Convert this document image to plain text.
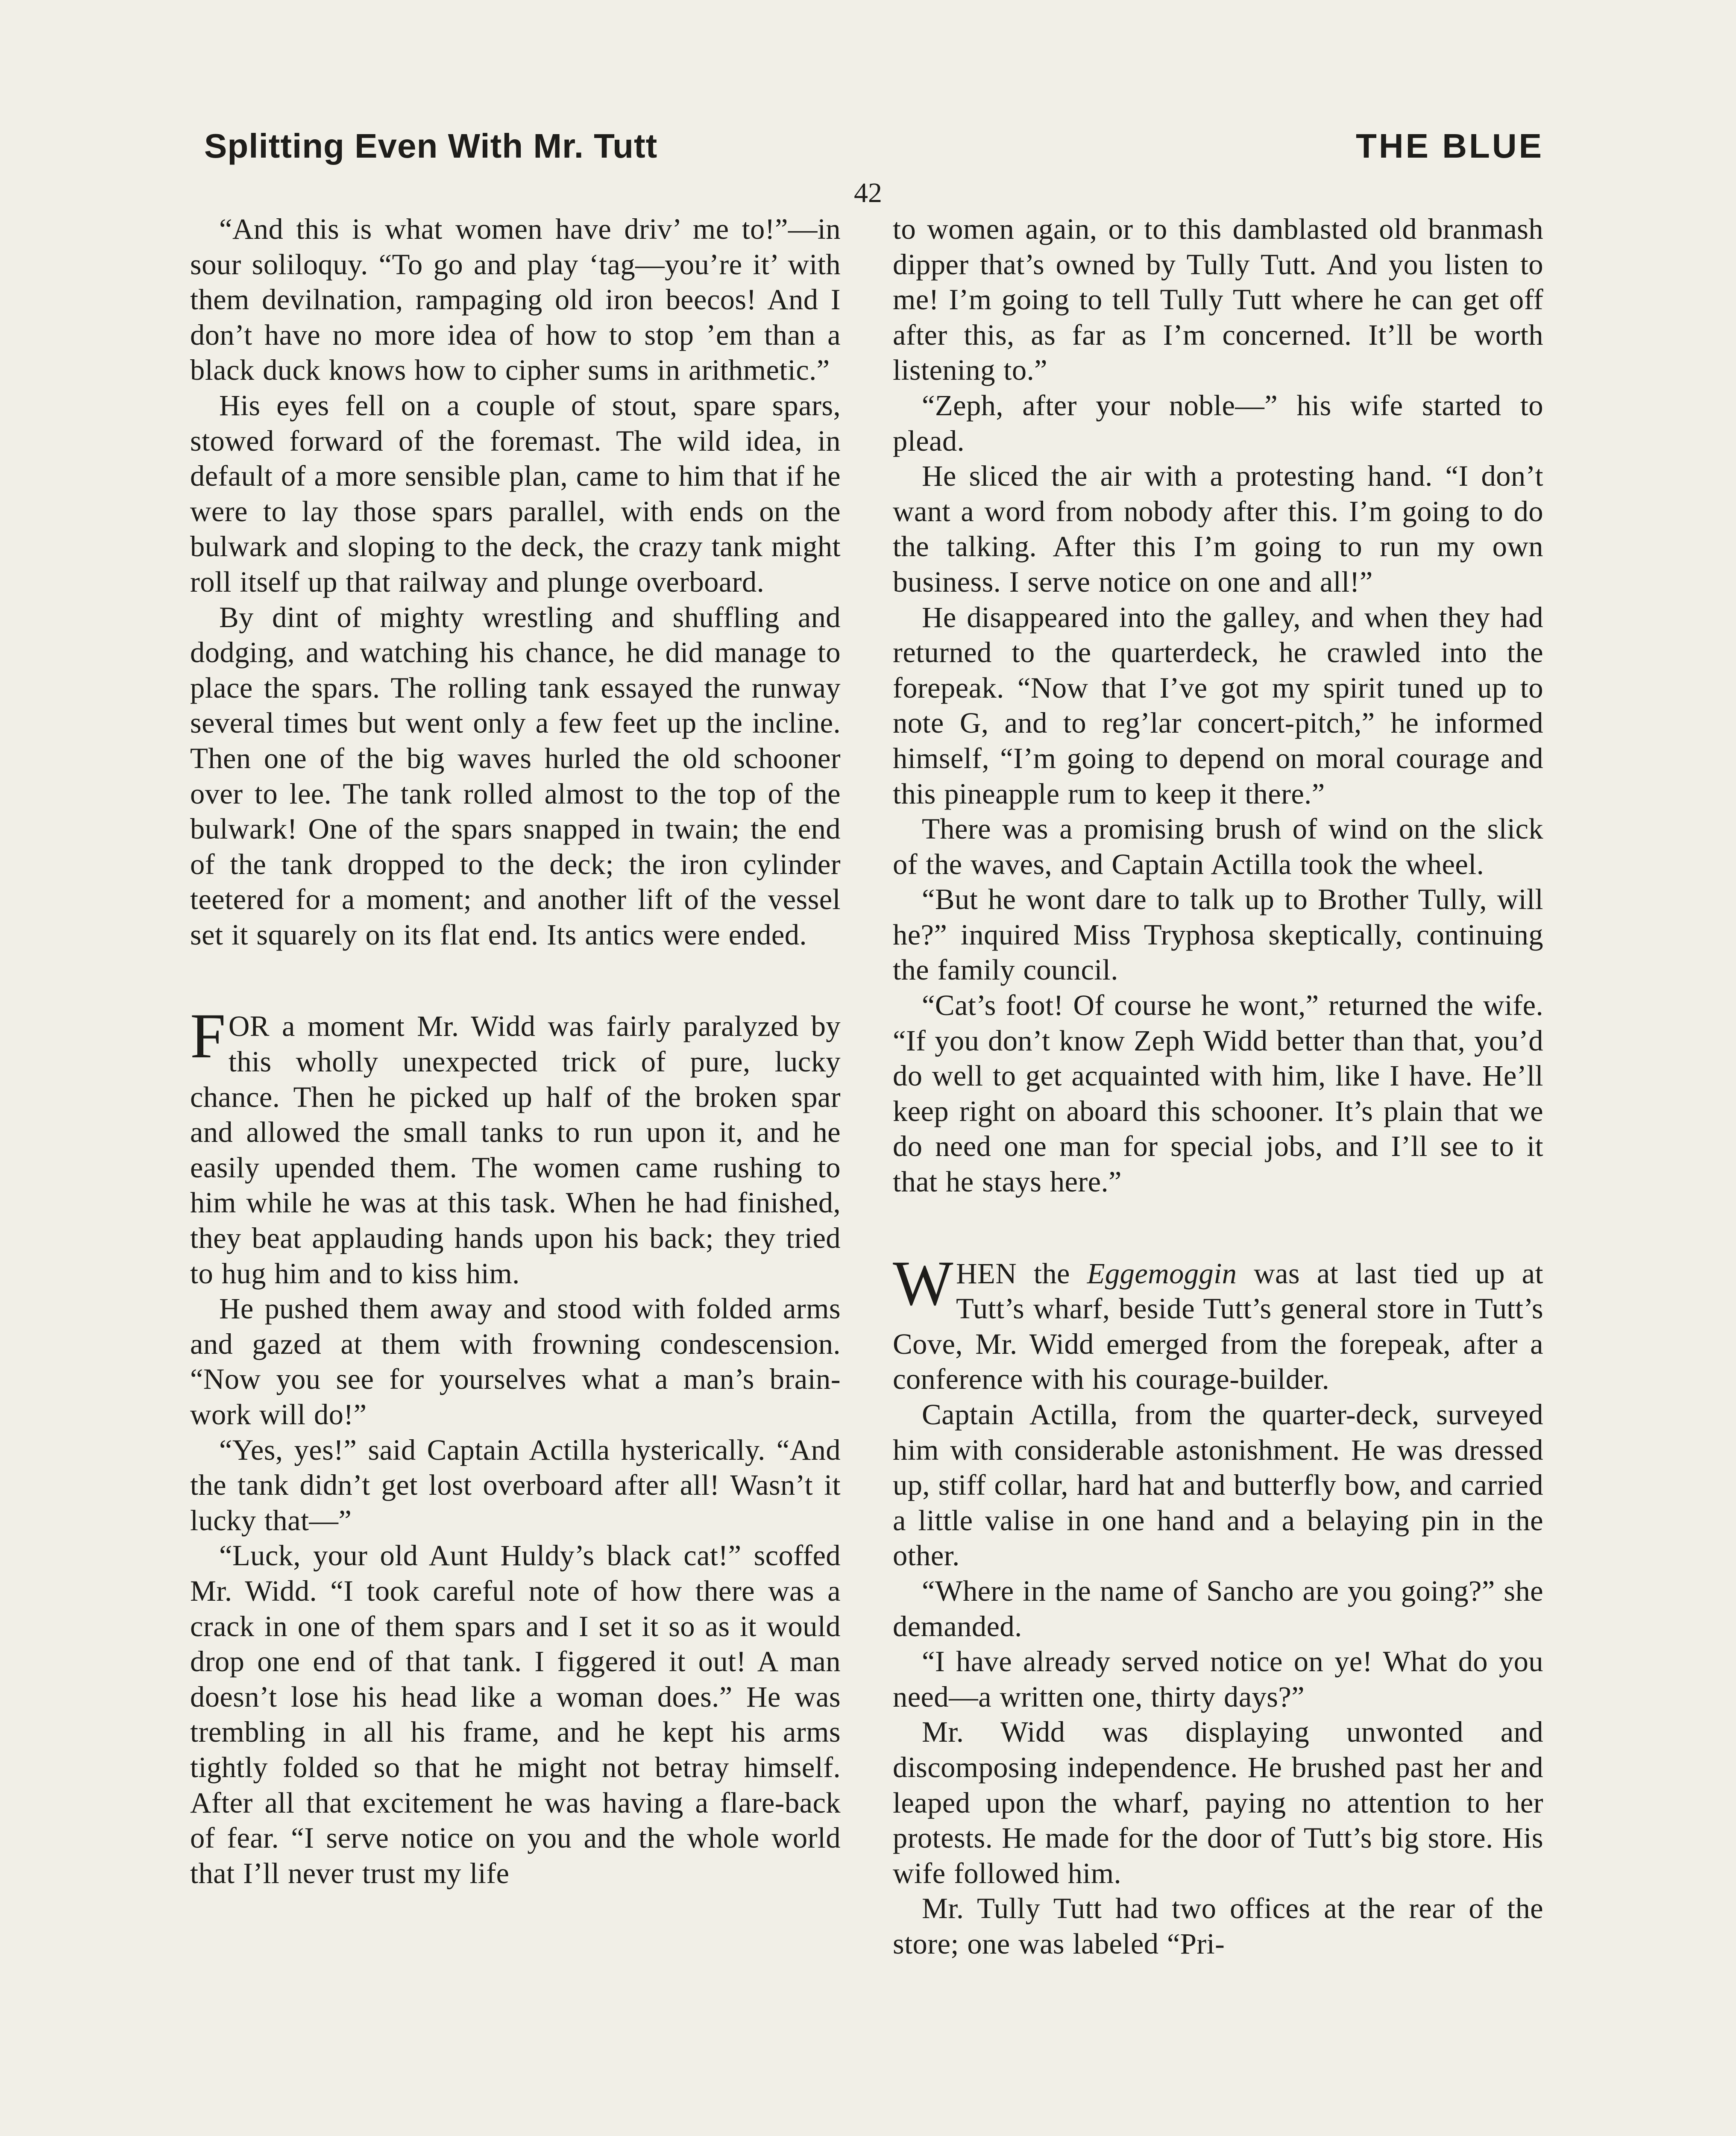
Splitting Even With Mr. Tutt	THE BLUE
42

“And this is what women have driv’ me to!”—in sour soliloquy. “To go and play ‘tag—you’re it’ with them devilnation, rampaging old iron beecos! And I don’t have no more idea of how to stop ’em than a black duck knows how to cipher sums in arithmetic.”

His eyes fell on a couple of stout, spare spars, stowed forward of the foremast. The wild idea, in default of a more sensible plan, came to him that if he were to lay those spars parallel, with ends on the bulwark and sloping to the deck, the crazy tank might roll itself up that railway and plunge overboard.

By dint of mighty wrestling and shuffling and dodging, and watching his chance, he did manage to place the spars. The rolling tank essayed the runway several times but went only a few feet up the incline. Then one of the big waves hurled the old schooner over to lee. The tank rolled almost to the top of the bulwark! One of the spars snapped in twain; the end of the tank dropped to the deck; the iron cylinder teetered for a moment; and another lift of the vessel set it squarely on its flat end. Its antics were ended.

FOR a moment Mr. Widd was fairly paralyzed by this wholly unexpected trick of pure, lucky chance. Then he picked up half of the broken spar and allowed the small tanks to run upon it, and he easily upended them. The women came rushing to him while he was at this task. When he had finished, they beat applauding hands upon his back; they tried to hug him and to kiss him.

He pushed them away and stood with folded arms and gazed at them with frowning condescension. “Now you see for yourselves what a man’s brain-work will do!”

“Yes, yes!” said Captain Actilla hysterically. “And the tank didn’t get lost overboard after all! Wasn’t it lucky that—”

“Luck, your old Aunt Huldy’s black cat!” scoffed Mr. Widd. “I took careful note of how there was a crack in one of them spars and I set it so as it would drop one end of that tank. I figgered it out! A man doesn’t lose his head like a woman does.” He was trembling in all his frame, and he kept his arms tightly folded so that he might not betray himself. After all that excitement he was having a flare-back of fear. “I serve notice on you and the whole world that I’ll never trust my life

to women again, or to this damblasted old branmash dipper that’s owned by Tully Tutt. And you listen to me! I’m going to tell Tully Tutt where he can get off after this, as far as I’m concerned. It’ll be worth listening to.”

“Zeph, after your noble—” his wife started to plead.

He sliced the air with a protesting hand. “I don’t want a word from nobody after this. I’m going to do the talking. After this I’m going to run my own business. I serve notice on one and all!”

He disappeared into the galley, and when they had returned to the quarterdeck, he crawled into the forepeak. “Now that I’ve got my spirit tuned up to note G, and to reg’lar concert-pitch,” he informed himself, “I’m going to depend on moral courage and this pineapple rum to keep it there.”

There was a promising brush of wind on the slick of the waves, and Captain Actilla took the wheel.

“But he wont dare to talk up to Brother Tully, will he?” inquired Miss Tryphosa skeptically, continuing the family council.

“Cat’s foot! Of course he wont,” returned the wife. “If you don’t know Zeph Widd better than that, you’d do well to get acquainted with him, like I have. He’ll keep right on aboard this schooner. It’s plain that we do need one man for special jobs, and I’ll see to it that he stays here.”

WHEN the Eggemoggin was at last tied up at Tutt’s wharf, beside Tutt’s general store in Tutt’s Cove, Mr. Widd emerged from the forepeak, after a conference with his courage-builder.

Captain Actilla, from the quarter-deck, surveyed him with considerable astonishment. He was dressed up, stiff collar, hard hat and butterfly bow, and carried a little valise in one hand and a belaying pin in the other.

“Where in the name of Sancho are you going?” she demanded.

“I have already served notice on ye! What do you need—a written one, thirty days?”

Mr. Widd was displaying unwonted and discomposing independence. He brushed past her and leaped upon the wharf, paying no attention to her protests. He made for the door of Tutt’s big store. His wife followed him.

Mr. Tully Tutt had two offices at the rear of the store; one was labeled “Pri-
